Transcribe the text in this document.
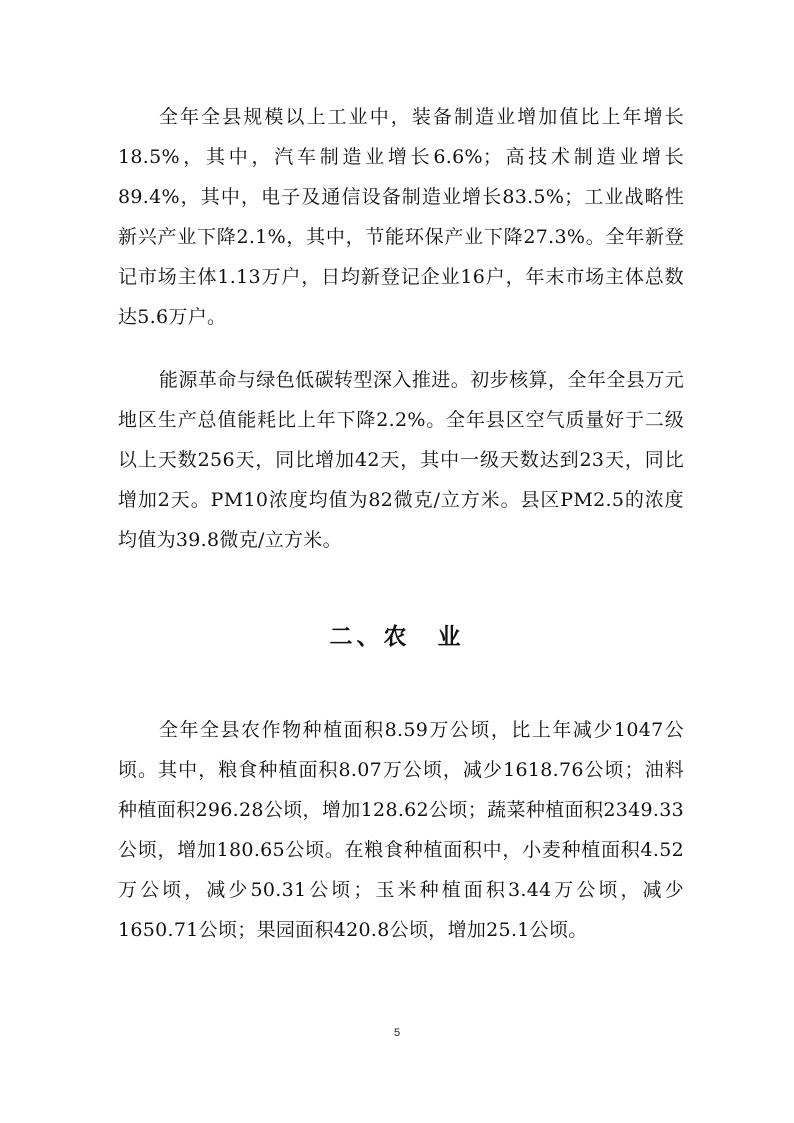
全年全县规模以上工业中，装备制造业增加值比上年增长18.5%，其中，汽车制造业增长6.6%；高技术制造业增长89.4%，其中，电子及通信设备制造业增长83.5%；工业战略性新兴产业下降2.1%，其中，节能环保产业下降27.3%。全年新登记市场主体1.13万户，日均新登记企业16户，年末市场主体总数达5.6万户。

能源革命与绿色低碳转型深入推进。初步核算，全年全县万元地区生产总值能耗比上年下降2.2%。全年县区空气质量好于二级以上天数256天，同比增加42天，其中一级天数达到23天，同比增加2天。PM10浓度均值为82微克/立方米。县区PM2.5的浓度均值为39.8微克/立方米。

二、农　业

全年全县农作物种植面积8.59万公顷，比上年减少1047公顷。其中，粮食种植面积8.07万公顷，减少1618.76公顷；油料种植面积296.28公顷，增加128.62公顷；蔬菜种植面积2349.33公顷，增加180.65公顷。在粮食种植面积中，小麦种植面积4.52万公顷，减少50.31公顷；玉米种植面积3.44万公顷，减少1650.71公顷；果园面积420.8公顷，增加25.1公顷。

5
